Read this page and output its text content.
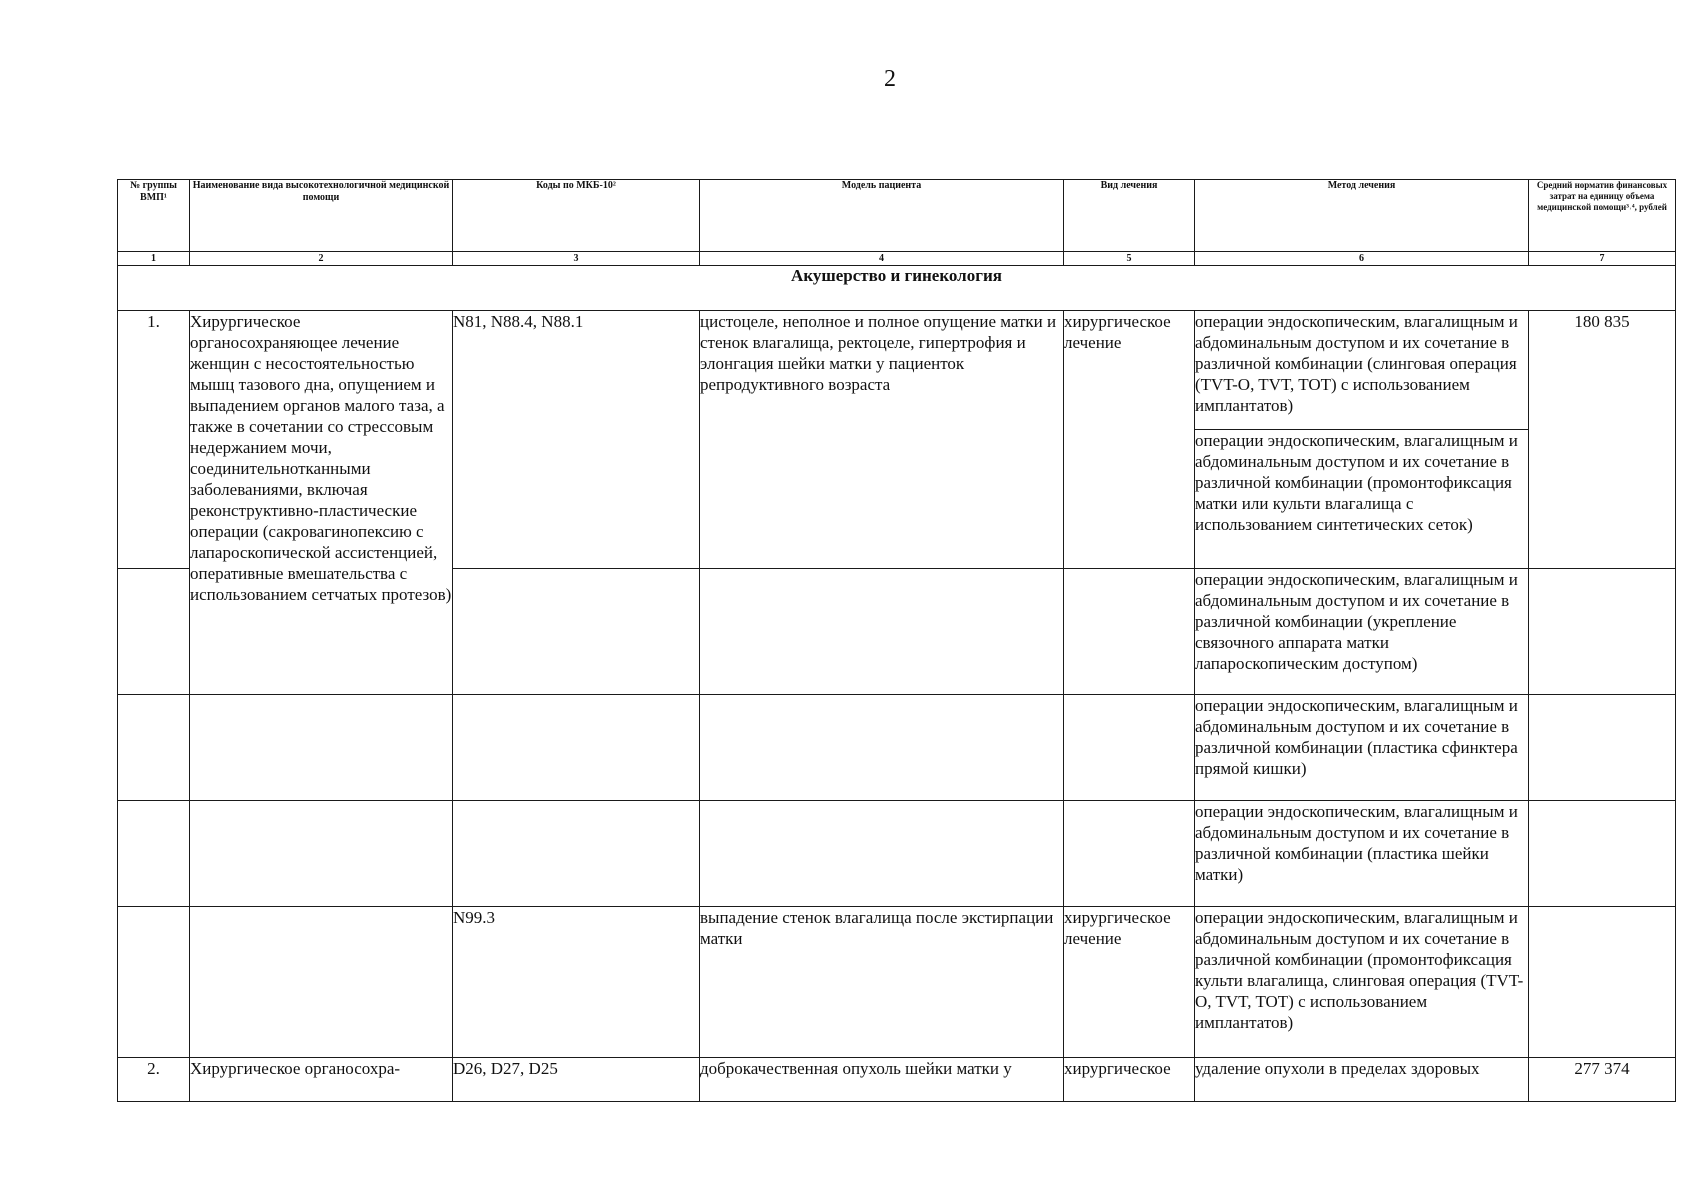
2
№ группы ВМП¹	Наименование вида высокотехнологичной медицинской помощи	Коды по МКБ-10²	Модель пациента	Вид лечения	Метод лечения	Средний норматив финансовых затрат на единицу объема медицинской помощи³˒⁴, рублей
1	2	3	4	5	6	7
Акушерство и гинекология						
1.	Хирургическое органосохраняющее лечение женщин с несостоятельностью мышц тазового дна, опущением и выпадением органов малого таза, а также в сочетании со стрессовым недержанием мочи, соединительнотканными заболеваниями, включая реконструктивно-пластические операции (сакровагинопексию с лапароскопической ассистенцией, оперативные вмешательства с использованием сетчатых протезов)	N81, N88.4, N88.1	цистоцеле, неполное и полное опущение матки и стенок влагалища, ректоцеле, гипертрофия и элонгация шейки матки у пациенток репродуктивного возраста	хирургическое лечение	операции эндоскопическим, влагалищным и абдоминальным доступом и их сочетание в различной комбинации (слинговая операция (TVT-O, TVT, TOT) с использованием имплантатов)	180 835
					операции эндоскопическим, влагалищным и абдоминальным доступом и их сочетание в различной комбинации (промонтофиксация матки или культи влагалища с использованием синтетических сеток)	
					операции эндоскопическим, влагалищным и абдоминальным доступом и их сочетание в различной комбинации (укрепление связочного аппарата матки лапароскопическим доступом)	
					операции эндоскопическим, влагалищным и абдоминальным доступом и их сочетание в различной комбинации (пластика сфинктера прямой кишки)	
					операции эндоскопическим, влагалищным и абдоминальным доступом и их сочетание в различной комбинации (пластика шейки матки)	
		N99.3	выпадение стенок влагалища после экстирпации матки	хирургическое лечение	операции эндоскопическим, влагалищным и абдоминальным доступом и их сочетание в различной комбинации (промонтофиксация культи влагалища, слинговая операция (TVT-O, TVT, TOT) с использованием имплантатов)	
2.	Хирургическое органосохра-	D26, D27, D25	доброкачественная опухоль шейки матки у	хирургическое	удаление опухоли в пределах здоровых	277 374
